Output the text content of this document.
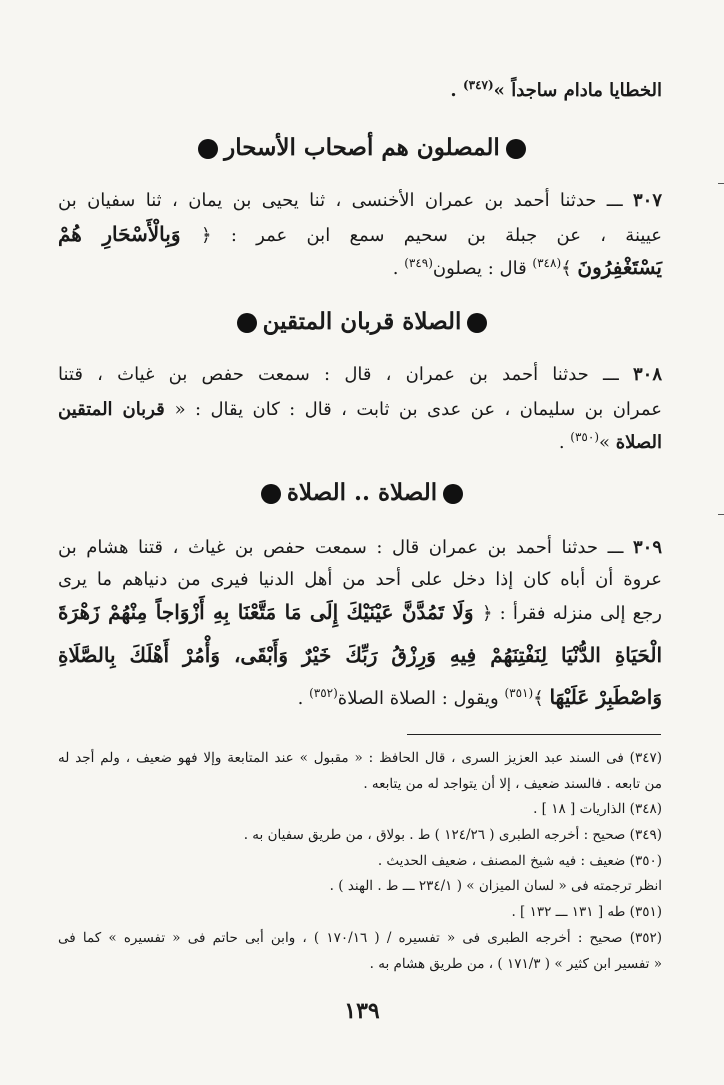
الخطايا مادام ساجداً »$^{(٣٤٧)}$ .
المصلون هم أصحاب الأسحار
٣٠٧ ـــ حدثنا أحمد بن عمران الأخنسى ، ثنا يحيى بن يمان ، ثنا سفيان بن
عيينة ، عن جبلة بن سحيم سمع ابن عمر : ﴿ وَبِالْأَسْحَارِ هُمْ
يَسْتَغْفِرُونَ ﴾$^{(٣٤٨)}$ قال : يصلون$^{(٣٤٩)}$ .
الصلاة قربان المتقين
٣٠٨ ـــ حدثنا أحمد بن عمران ، قال : سمعت حفص بن غياث ، قتنا
عمران بن سليمان ، عن عدى بن ثابت ، قال : كان يقال : « قربان المتقين
الصلاة »$^{(٣٥٠)}$ .
الصلاة .. الصلاة
٣٠٩ ـــ حدثنا أحمد بن عمران قال : سمعت حفص بن غياث ، قتنا هشام بن
عروة أن أباه كان إذا دخل على أحد من أهل الدنيا فيرى من دنياهم ما يرى
رجع إلى منزله فقرأ : ﴿ وَلَا تَمُدَّنَّ عَيْنَيْكَ إِلَى مَا مَتَّعْنَا بِهِ أَزْوَاجاً مِنْهُمْ زَهْرَةَ
الْحَيَاةِ الدُّنْيَا لِنَفْتِنَهُمْ فِيهِ وَرِزْقُ رَبِّكَ خَيْرٌ وَأَبْقَى، وَأْمُرْ أَهْلَكَ بِالصَّلَاةِ
وَاصْطَبِرْ عَلَيْهَا ﴾$^{(٣٥١)}$ ويقول : الصلاة الصلاة$^{(٣٥٢)}$ .
(٣٤٧) فى السند عبد العزيز السرى ، قال الحافظ : « مقبول » عند المتابعة وإلا فهو ضعيف ، ولم أجد له
من تابعه . فالسند ضعيف ، إلا أن يتواجد له من يتابعه .
(٣٤٨) الذاريات [ ١٨ ] .
(٣٤٩) صحيح : أخرجه الطبرى ( ١٢٤/٢٦ ) ط . بولاق ، من طريق سفيان به .
(٣٥٠) ضعيف : فيه شيخ المصنف ، ضعيف الحديث .
انظر ترجمته فى « لسان الميزان » ( ٢٣٤/١ ـــ ط . الهند ) .
(٣٥١) طه [ ١٣١ ـــ ١٣٢ ] .
(٣٥٢) صحيح : أخرجه الطبرى فى « تفسيره / ( ١٧٠/١٦ ) ، وابن أبى حاتم فى « تفسيره » كما فى
« تفسير ابن كثير » ( ١٧١/٣ ) ، من طريق هشام به .
١٣٩
